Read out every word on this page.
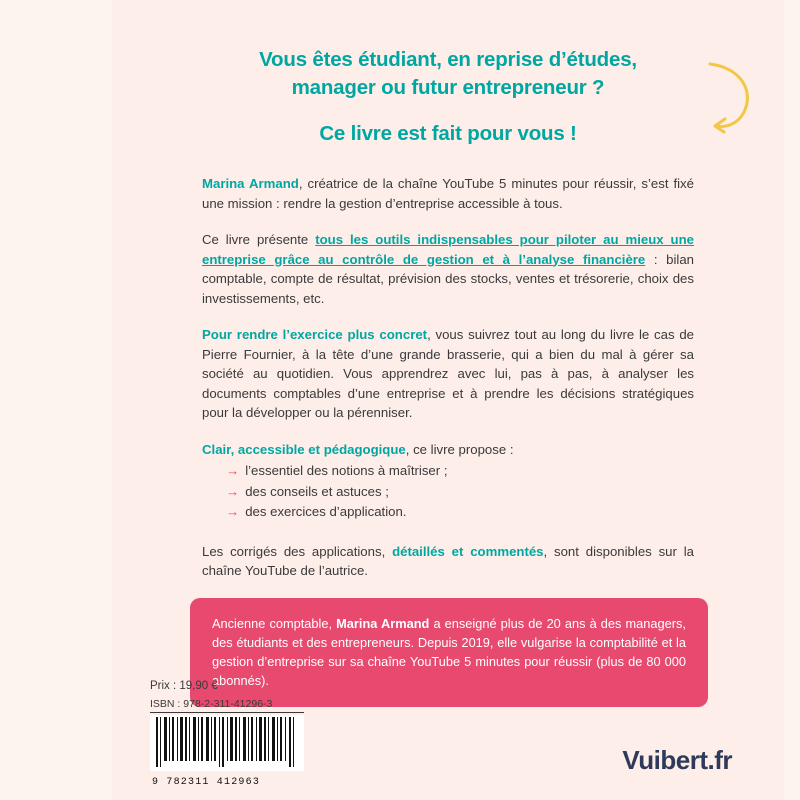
Vous êtes étudiant, en reprise d’études,
manager ou futur entrepreneur ?
Ce livre est fait pour vous !

Marina Armand, créatrice de la chaîne YouTube 5 minutes pour réussir, s’est fixé une mission : rendre la gestion d’entreprise accessible à tous.

Ce livre présente tous les outils indispensables pour piloter au mieux une entreprise grâce au contrôle de gestion et à l’analyse financière : bilan comptable, compte de résultat, prévision des stocks, ventes et trésorerie, choix des investissements, etc.

Pour rendre l’exercice plus concret, vous suivrez tout au long du livre le cas de Pierre Fournier, à la tête d’une grande brasserie, qui a bien du mal à gérer sa société au quotidien. Vous apprendrez avec lui, pas à pas, à analyser les documents comptables d’une entreprise et à prendre les décisions stratégiques pour la développer ou la pérenniser.

Clair, accessible et pédagogique, ce livre propose :

→ l’essentiel des notions à maîtriser ;
→ des conseils et astuces ;
→ des exercices d’application.

Les corrigés des applications, détaillés et commentés, sont disponibles sur la chaîne YouTube de l’autrice.

Ancienne comptable, Marina Armand a enseigné plus de 20 ans à des managers, des étudiants et des entrepreneurs. Depuis 2019, elle vulgarise la comptabilité et la gestion d’entreprise sur sa chaîne YouTube 5 minutes pour réussir (plus de 80 000 abonnés).
Prix : 19,90 €
ISBN : 978-2-311-41296-3
9 782311 412963
Vuibert.fr
